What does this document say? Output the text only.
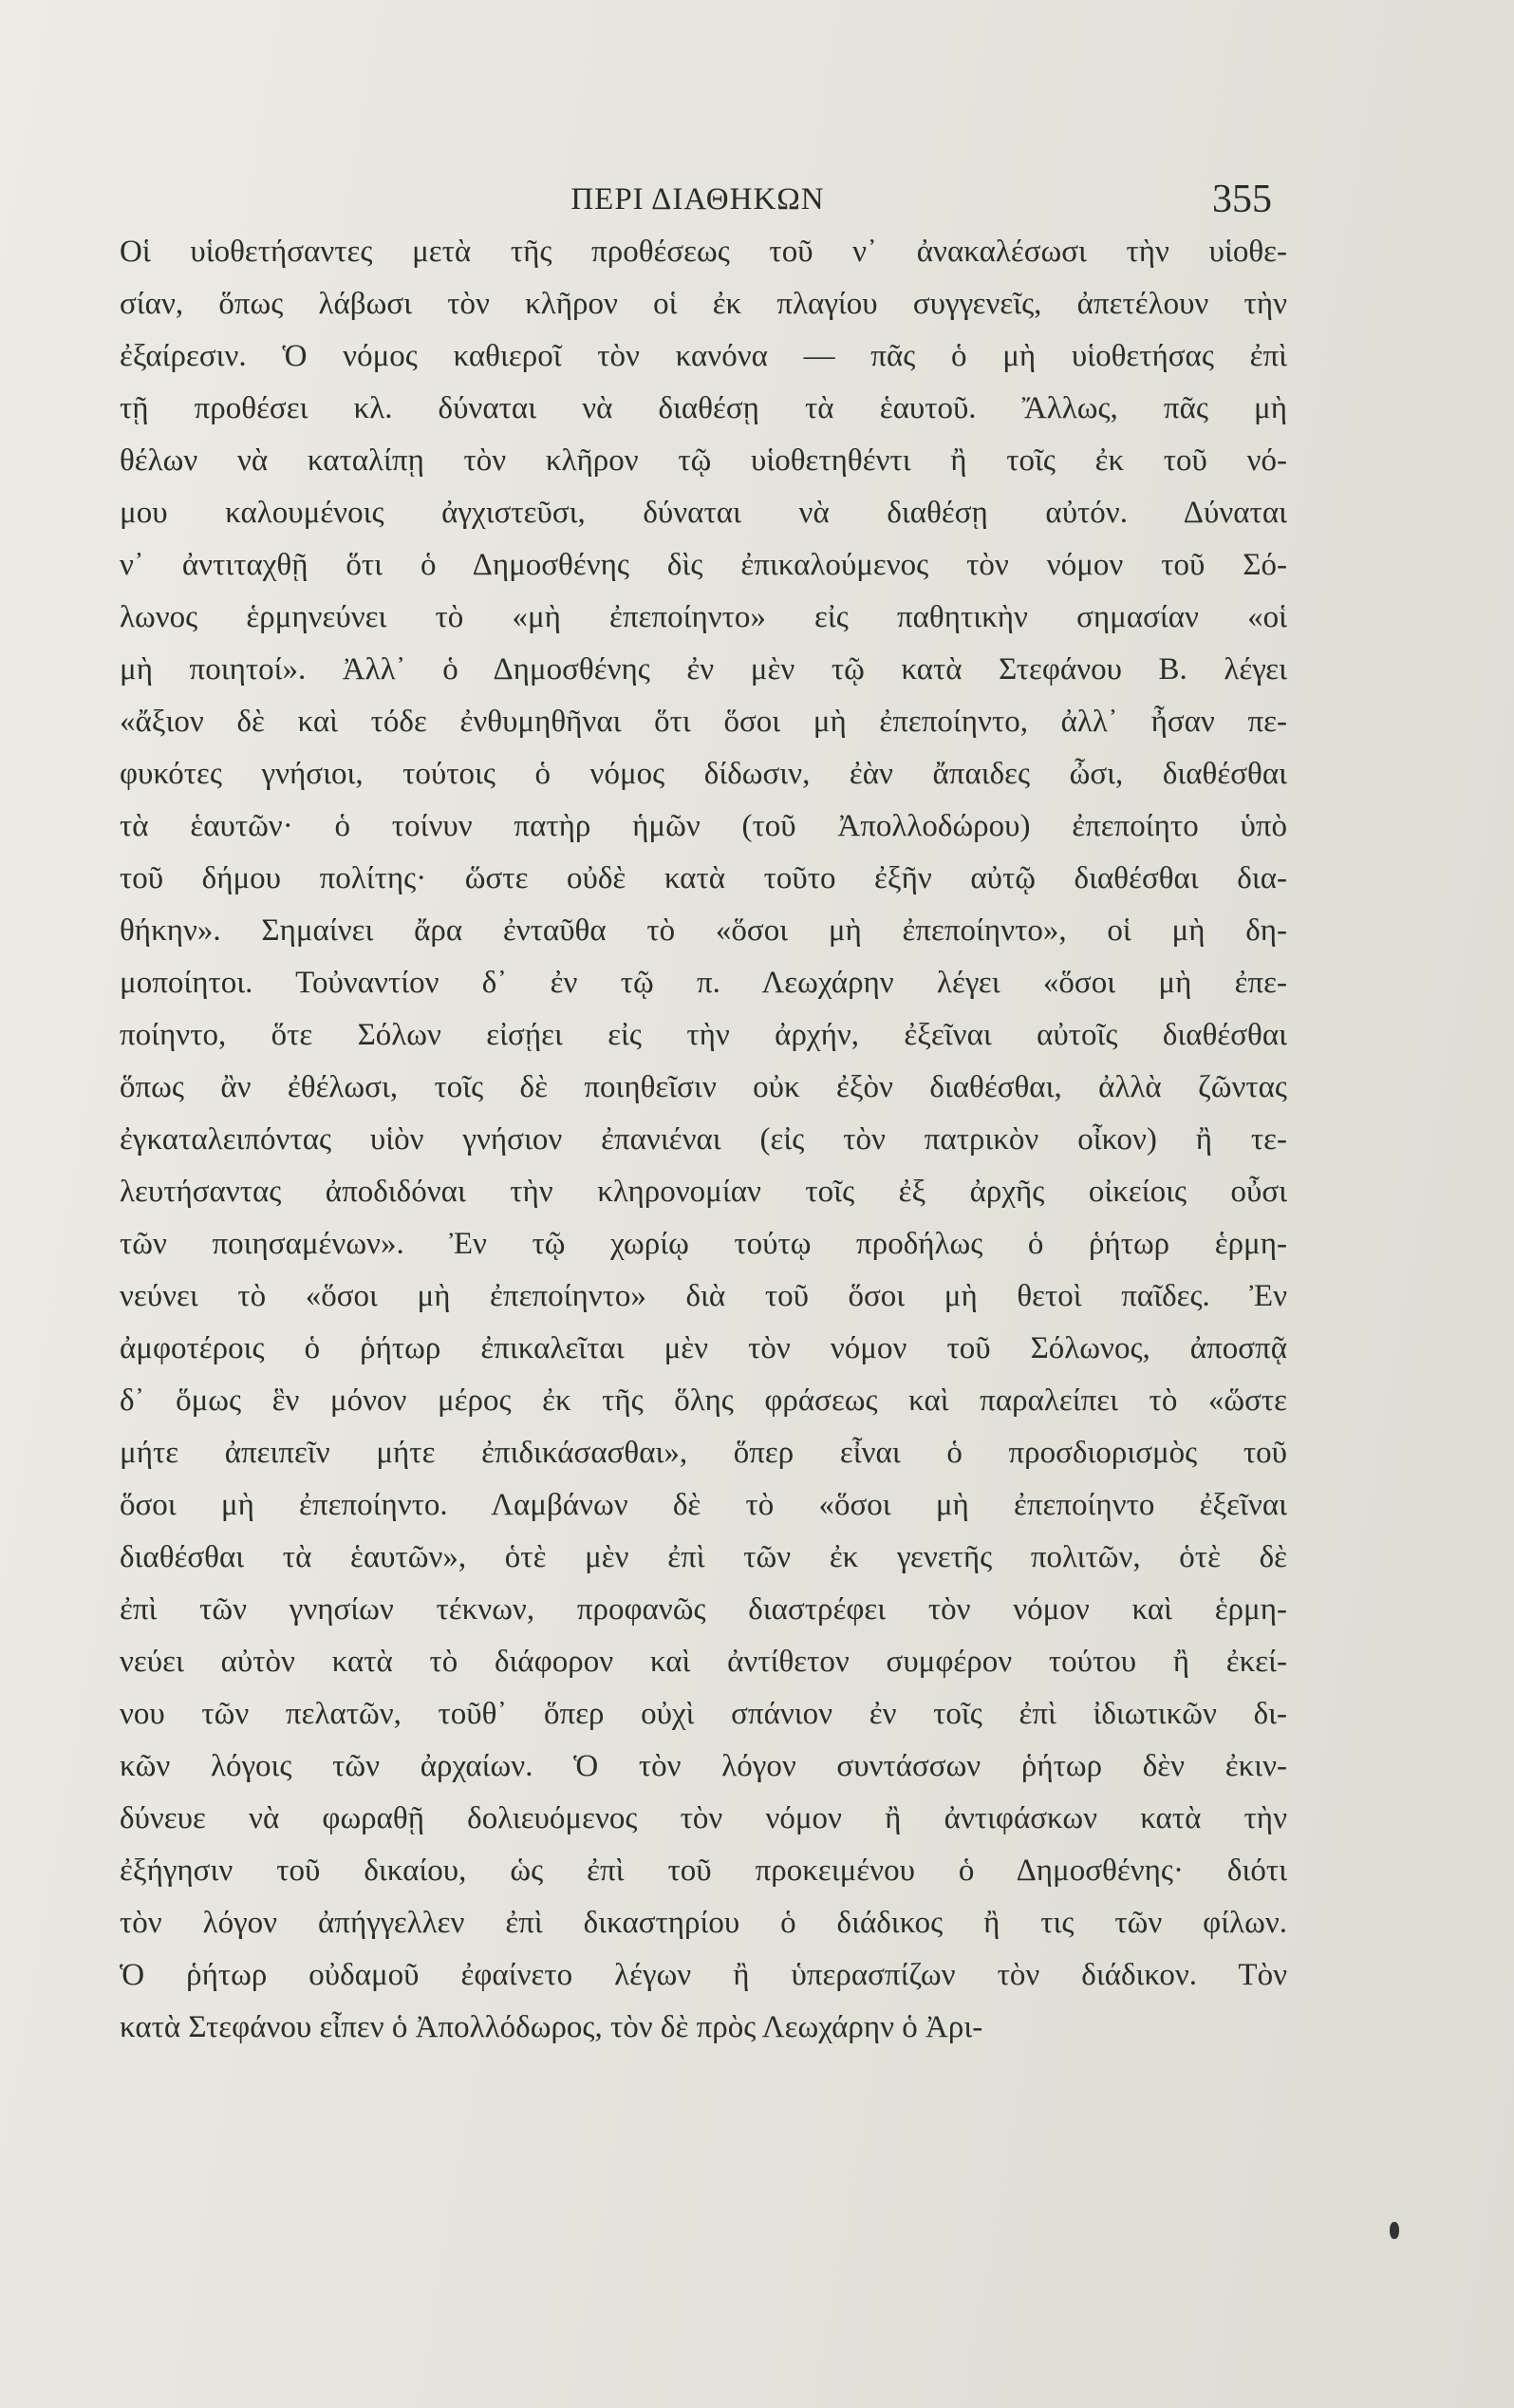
ΠΕΡΙ ΔΙΑΘΗΚΩΝ	355
Οἱ υἱοθετήσαντες μετὰ τῆς προθέσεως τοῦ ν᾽ ἀνακαλέσωσι τὴν υἱοθε-
σίαν, ὅπως λάβωσι τὸν κλῆρον οἱ ἐκ πλαγίου συγγενεῖς, ἀπετέλουν τὴν
ἐξαίρεσιν. Ὁ νόμος καθιεροῖ τὸν κανόνα — πᾶς ὁ μὴ υἱοθετήσας ἐπὶ
τῇ προθέσει κλ. δύναται νὰ διαθέσῃ τὰ ἑαυτοῦ. Ἄλλως, πᾶς μὴ
θέλων νὰ καταλίπῃ τὸν κλῆρον τῷ υἱοθετηθέντι ἢ τοῖς ἐκ τοῦ νό-
μου καλουμένοις ἀγχιστεῦσι, δύναται νὰ διαθέσῃ αὐτόν. Δύναται
ν᾽ ἀντιταχθῇ ὅτι ὁ Δημοσθένης δὶς ἐπικαλούμενος τὸν νόμον τοῦ Σό-
λωνος ἑρμηνεύνει τὸ «μὴ ἐπεποίηντο» εἰς παθητικὴν σημασίαν «οἱ
μὴ ποιητοί». Ἀλλ᾽ ὁ Δημοσθένης ἐν μὲν τῷ κατὰ Στεφάνου Β. λέγει
«ἄξιον δὲ καὶ τόδε ἐνθυμηθῆναι ὅτι ὅσοι μὴ ἐπεποίηντο, ἀλλ᾽ ἦσαν πε-
φυκότες γνήσιοι, τούτοις ὁ νόμος δίδωσιν, ἐὰν ἄπαιδες ὦσι, διαθέσθαι
τὰ ἑαυτῶν· ὁ τοίνυν πατὴρ ἡμῶν (τοῦ Ἀπολλοδώρου) ἐπεποίητο ὑπὸ
τοῦ δήμου πολίτης· ὥστε οὐδὲ κατὰ τοῦτο ἐξῆν αὐτῷ διαθέσθαι δια-
θήκην». Σημαίνει ἄρα ἐνταῦθα τὸ «ὅσοι μὴ ἐπεποίηντο», οἱ μὴ δη-
μοποίητοι. Τοὐναντίον δ᾽ ἐν τῷ π. Λεωχάρην λέγει «ὅσοι μὴ ἐπε-
ποίηντο, ὅτε Σόλων εἰσῄει εἰς τὴν ἀρχήν, ἐξεῖναι αὐτοῖς διαθέσθαι
ὅπως ἂν ἐθέλωσι, τοῖς δὲ ποιηθεῖσιν οὐκ ἐξὸν διαθέσθαι, ἀλλὰ ζῶντας
ἐγκαταλειπόντας υἱὸν γνήσιον ἐπανιέναι (εἰς τὸν πατρικὸν οἶκον) ἢ τε-
λευτήσαντας ἀποδιδόναι τὴν κληρονομίαν τοῖς ἐξ ἀρχῆς οἰκείοις οὖσι
τῶν ποιησαμένων». Ἐν τῷ χωρίῳ τούτῳ προδήλως ὁ ῥήτωρ ἑρμη-
νεύνει τὸ «ὅσοι μὴ ἐπεποίηντο» διὰ τοῦ ὅσοι μὴ θετοὶ παῖδες. Ἐν
ἀμφοτέροις ὁ ῥήτωρ ἐπικαλεῖται μὲν τὸν νόμον τοῦ Σόλωνος, ἀποσπᾷ
δ᾽ ὅμως ἓν μόνον μέρος ἐκ τῆς ὅλης φράσεως καὶ παραλείπει τὸ «ὥστε
μήτε ἀπειπεῖν μήτε ἐπιδικάσασθαι», ὅπερ εἶναι ὁ προσδιορισμὸς τοῦ
ὅσοι μὴ ἐπεποίηντο. Λαμβάνων δὲ τὸ «ὅσοι μὴ ἐπεποίηντο ἐξεῖναι
διαθέσθαι τὰ ἑαυτῶν», ὁτὲ μὲν ἐπὶ τῶν ἐκ γενετῆς πολιτῶν, ὁτὲ δὲ
ἐπὶ τῶν γνησίων τέκνων, προφανῶς διαστρέφει τὸν νόμον καὶ ἑρμη-
νεύει αὐτὸν κατὰ τὸ διάφορον καὶ ἀντίθετον συμφέρον τούτου ἢ ἐκεί-
νου τῶν πελατῶν, τοῦθ᾽ ὅπερ οὐχὶ σπάνιον ἐν τοῖς ἐπὶ ἰδιωτικῶν δι-
κῶν λόγοις τῶν ἀρχαίων. Ὁ τὸν λόγον συντάσσων ῥήτωρ δὲν ἐκιν-
δύνευε νὰ φωραθῇ δολιευόμενος τὸν νόμον ἢ ἀντιφάσκων κατὰ τὴν
ἐξήγησιν τοῦ δικαίου, ὡς ἐπὶ τοῦ προκειμένου ὁ Δημοσθένης· διότι
τὸν λόγον ἀπήγγελλεν ἐπὶ δικαστηρίου ὁ διάδικος ἢ τις τῶν φίλων.
Ὁ ῥήτωρ οὐδαμοῦ ἐφαίνετο λέγων ἢ ὑπερασπίζων τὸν διάδικον. Τὸν
κατὰ Στεφάνου εἶπεν ὁ Ἀπολλόδωρος, τὸν δὲ πρὸς Λεωχάρην ὁ Ἀρι-
